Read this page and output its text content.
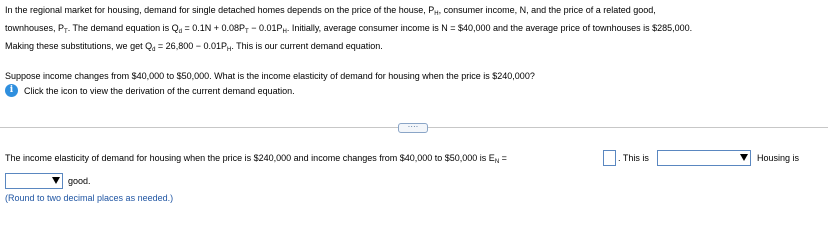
In the regional market for housing, demand for single detached homes depends on the price of the house, $P_H$, consumer income, N, and the price of a related good,
townhouses, $P_T$. The demand equation is $Q_d = 0.1N + 0.08P_T - 0.01P_H$. Initially, average consumer income is N = $40,000 and the average price of townhouses is $285,000.
Making these substitutions, we get $Q_d = 26,800 - 0.01P_H$. This is our current demand equation.
Suppose income changes from $40,000 to $50,000. What is the income elasticity of demand for housing when the price is $240,000?
i	Click the icon to view the derivation of the current demand equation.
····
The income elasticity of demand for housing when the price is $240,000 and income changes from $40,000 to $50,000 is $E_N$ =	. This is	Housing is
good.
(Round to two decimal places as needed.)
